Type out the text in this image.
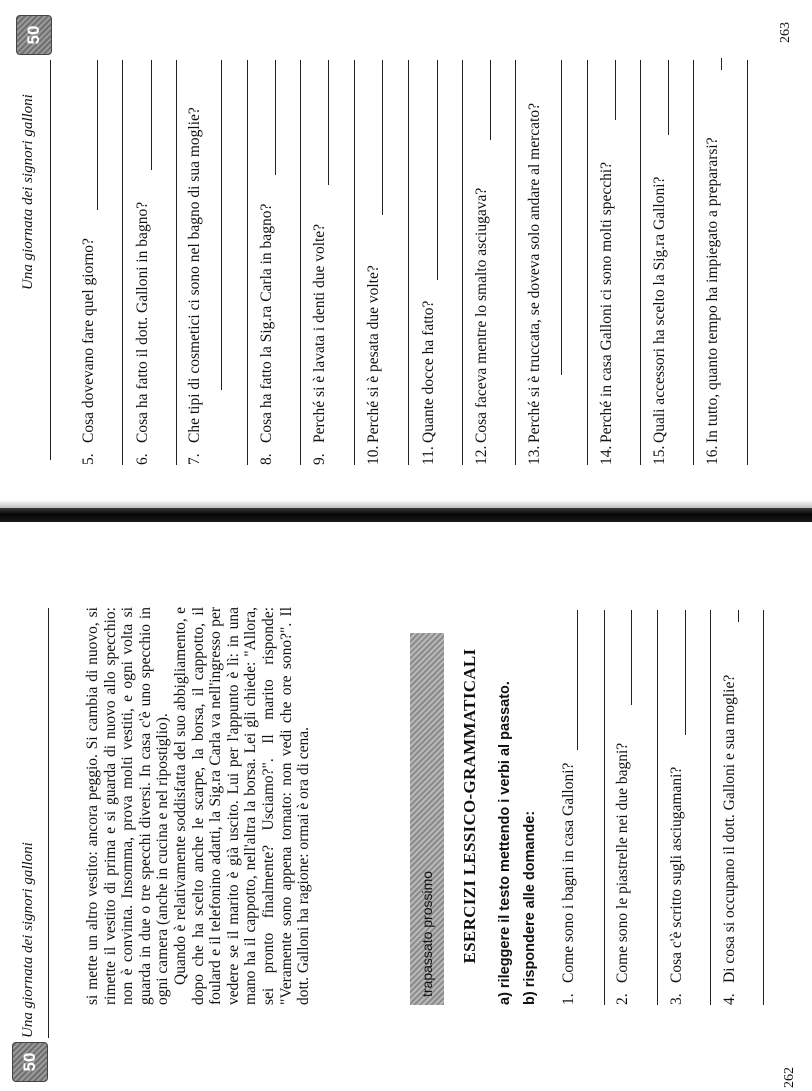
50
Una giornata dei signori galloni
262

si mette un altro vestito: ancora peggio. Si cambia di nuovo, si rimette il vestito di prima e si guarda di nuovo allo specchio: non è convinta. Insomma, prova molti vestiti, e ogni volta si guarda in due o tre specchi diversi. In casa c'è uno specchio in ogni camera (anche in cucina e nel ripostiglio). Quando è relativamente soddisfatta del suo abbigliamento, e dopo che ha scelto anche le scarpe, la borsa, il cappotto, il foulard e il telefonino adatti, la Sig.ra Carla va nell'ingresso per vedere se il marito è già uscito. Lui per l'appunto è lì: in una mano ha il cappotto, nell'altra la borsa. Lei gli chiede: "Allora, sei pronto finalmente? Usciamo?". Il marito risponde: "Veramente sono appena tornato: non vedi che ore sono?". Il dott. Galloni ha ragione: ormai è ora di cena.	trapassato prossimo ESERCIZI LESSICO-GRAMMATICALI
a) rileggere il testo mettendo i verbi al passato.
b) rispondere alle domande:
1.Come sono i bagni in casa Galloni?
2.Come sono le piastrelle nei due bagni?
3.Cosa c'è scritto sugli asciugamani?
4.Di cosa si occupano il dott. Galloni e sua moglie?
50
Una giornata dei signori galloni
263
5.Cosa dovevano fare quel giorno?
6.Cosa ha fatto il dott. Galloni in bagno?
7.Che tipi di cosmetici ci sono nel bagno di sua moglie?
8.Cosa ha fatto la Sig.ra Carla in bagno?
9.Perché si è lavata i denti due volte?
10.Perché si è pesata due volte?
11.Quante docce ha fatto?
12.Cosa faceva mentre lo smalto asciugava?
13.Perché si è truccata, se doveva solo andare al mercato?
14.Perché in casa Galloni ci sono molti specchi?
15.Quali accessori ha scelto la Sig.ra Galloni?
16.In tutto, quanto tempo ha impiegato a prepararsi?
